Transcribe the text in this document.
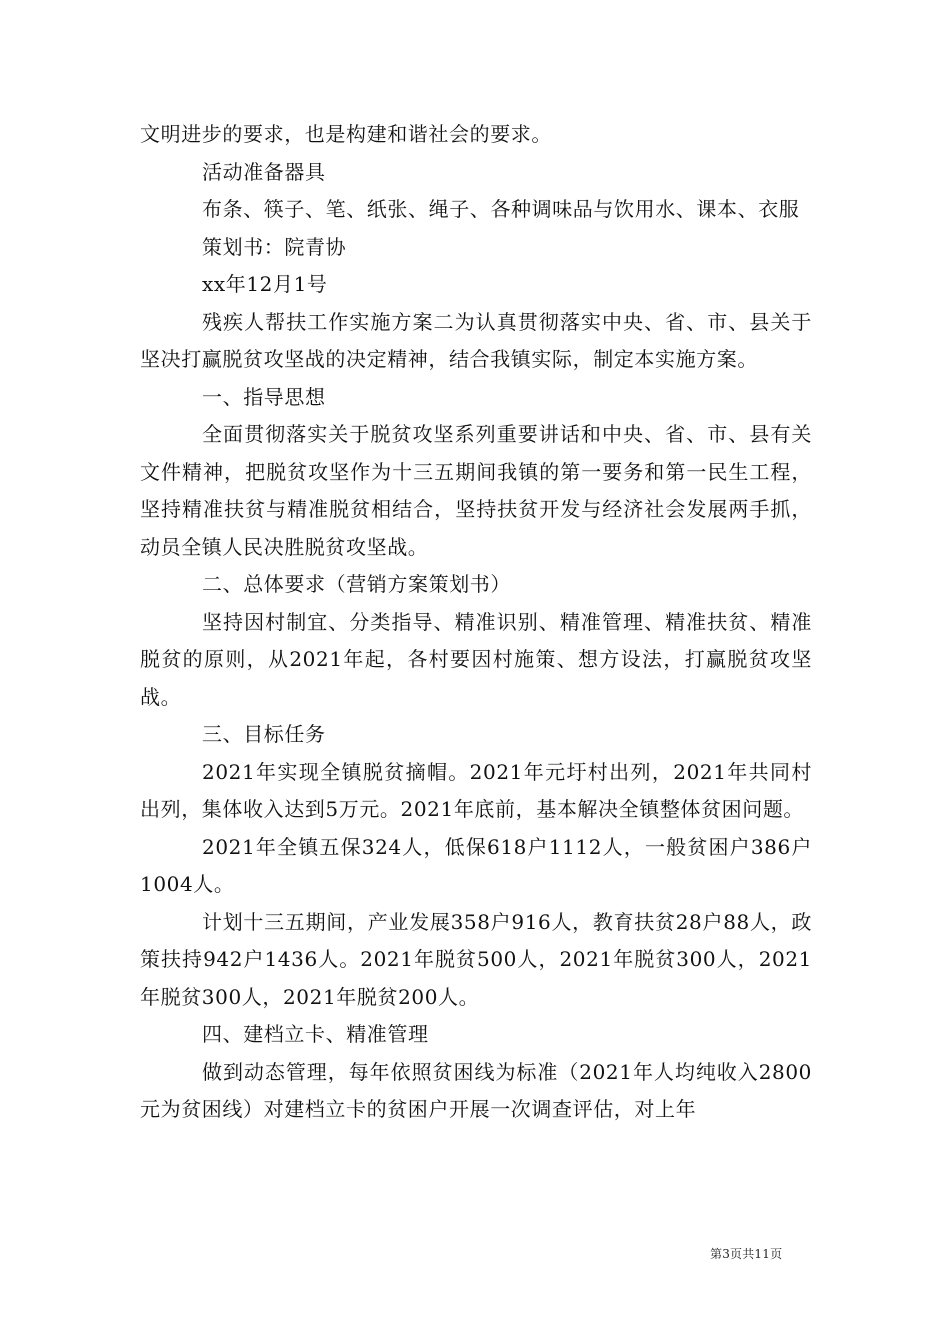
文明进步的要求，也是构建和谐社会的要求。

活动准备器具

布条、筷子、笔、纸张、绳子、各种调味品与饮用水、课本、衣服

策划书：院青协

xx年12月1号

残疾人帮扶工作实施方案二为认真贯彻落实中央、省、市、县关于坚决打赢脱贫攻坚战的决定精神，结合我镇实际，制定本实施方案。

一、指导思想

全面贯彻落实关于脱贫攻坚系列重要讲话和中央、省、市、县有关文件精神，把脱贫攻坚作为十三五期间我镇的第一要务和第一民生工程，坚持精准扶贫与精准脱贫相结合，坚持扶贫开发与经济社会发展两手抓，动员全镇人民决胜脱贫攻坚战。

二、总体要求（营销方案策划书）

坚持因村制宜、分类指导、精准识别、精准管理、精准扶贫、精准脱贫的原则，从2021年起，各村要因村施策、想方设法，打赢脱贫攻坚战。

三、目标任务

2021年实现全镇脱贫摘帽。2021年元圩村出列，2021年共同村出列，集体收入达到5万元。2021年底前，基本解决全镇整体贫困问题。

2021年全镇五保324人，低保618户1112人，一般贫困户386户1004人。

计划十三五期间，产业发展358户916人，教育扶贫28户88人，政策扶持942户1436人。2021年脱贫500人，2021年脱贫300人，2021年脱贫300人，2021年脱贫200人。

四、建档立卡、精准管理

做到动态管理，每年依照贫困线为标准（2021年人均纯收入2800元为贫困线）对建档立卡的贫困户开展一次调查评估，对上年

第3页共11页
